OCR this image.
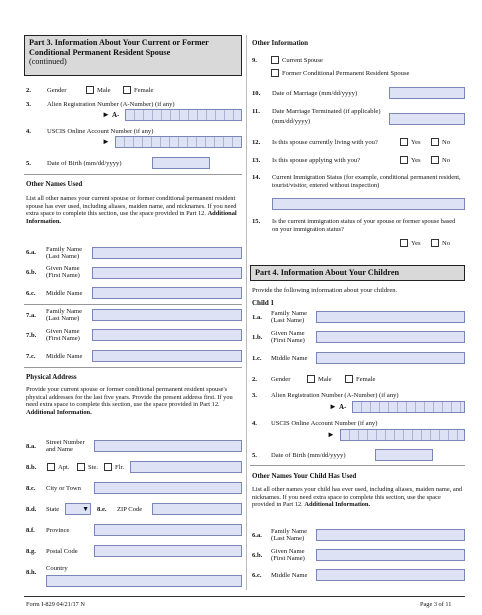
Part 3. Information About Your Current or Former Conditional Permanent Resident Spouse
(continued)
2. Gender	Male	Female
3. Alien Registration Number (A-Number) (if any)
► A-
4. USCIS Online Account Number (if any)
►
5. Date of Birth (mm/dd/yyyy)
Other Names Used
List all other names your current spouse or former conditional permanent resident spouse has ever used, including aliases, maiden name, and nicknames. If you need extra space to complete this section, use the space provided in Part 12. Additional Information.
6.a. Family Name (Last Name)
6.b.
Given Name (First Name)
6.c. Middle Name
7.a.
Family Name (Last Name)
7.b.
Given Name (First Name)
7.c. Middle Name
Physical Address
Provide your current spouse or former conditional permanent resident spouse's physical addresses for the last five years. Provide the present address first. If you need extra space to complete this section, use the space provided in Part 12. Additional Information.
8.a.
Street Number and Name
8.b.	Apt.	Ste.	Flr.
8.c. City or Town
8.d. State	▼ 8.e. ZIP Code
8.f. Province
8.g. Postal Code
8.h.
Country
Other Information
9.	Current Spouse
Former Conditional Permanent Resident Spouse
10. Date of Marriage (mm/dd/yyyy)
11. Date Marriage Terminated (if applicable) (mm/dd/yyyy)
12. Is this spouse currently living with you?	Yes	No
13. Is this spouse applying with you?	Yes	No
14. Current Immigration Status (for example, conditional permanent resident, tourist/visitor, entered without inspection)
15. Is the current immigration status of your spouse or former spouse based on your immigration status?
Yes	No
Part 4. Information About Your Children
Provide the following information about your children.
Child 1
1.a.
Family Name (Last Name)
1.b.
Given Name (First Name)
1.c. Middle Name
2. Gender	Male	Female
3. Alien Registration Number (A-Number) (if any)
► A-
4. USCIS Online Account Number (if any)
►
5. Date of Birth (mm/dd/yyyy)
Other Names Your Child Has Used
List all other names your child has ever used, including aliases, maiden name, and nicknames. If you need extra space to complete this section, use the space provided in Part 12. Additional Information.
6.a.
Family Name (Last Name)
6.b.
Given Name (First Name)
6.c. Middle Name
Form I-829 04/21/17 N	Page 3 of 11
